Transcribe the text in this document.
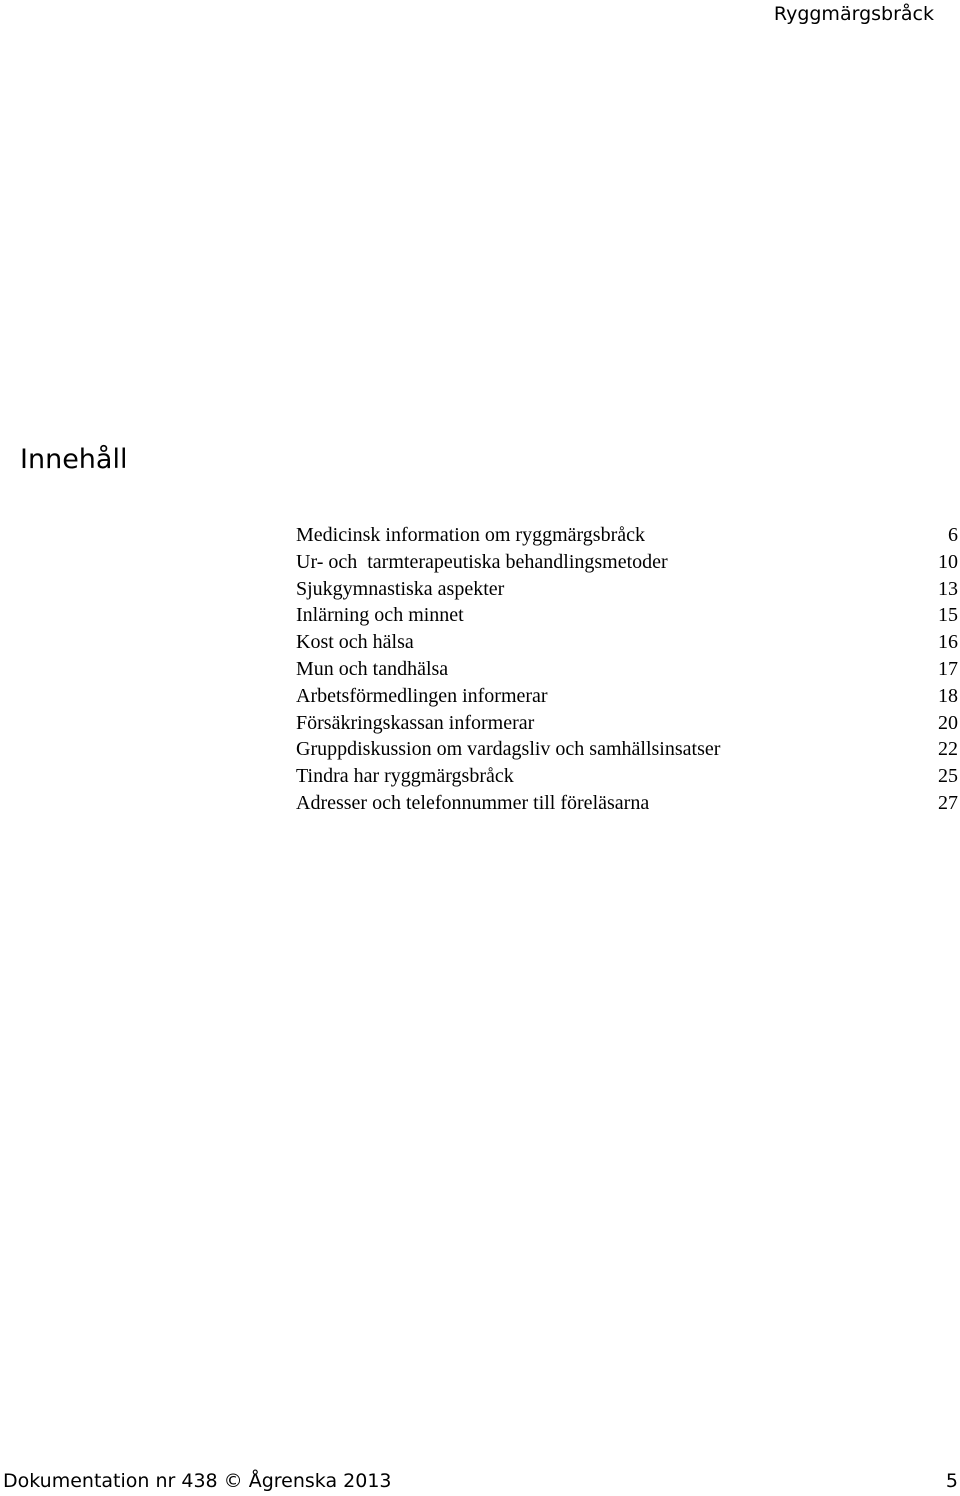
Ryggmärgsbråck
Innehåll
Medicinsk information om ryggmärgsbråck	6
Ur- och  tarmterapeutiska behandlingsmetoder	10
Sjukgymnastiska aspekter	13
Inlärning och minnet	15
Kost och hälsa	16
Mun och tandhälsa	17
Arbetsförmedlingen informerar	18
Försäkringskassan informerar	20
Gruppdiskussion om vardagsliv och samhällsinsatser	22
Tindra har ryggmärgsbråck	25
Adresser och telefonnummer till föreläsarna	27
Dokumentation nr 438 © Ågrenska 2013	5
